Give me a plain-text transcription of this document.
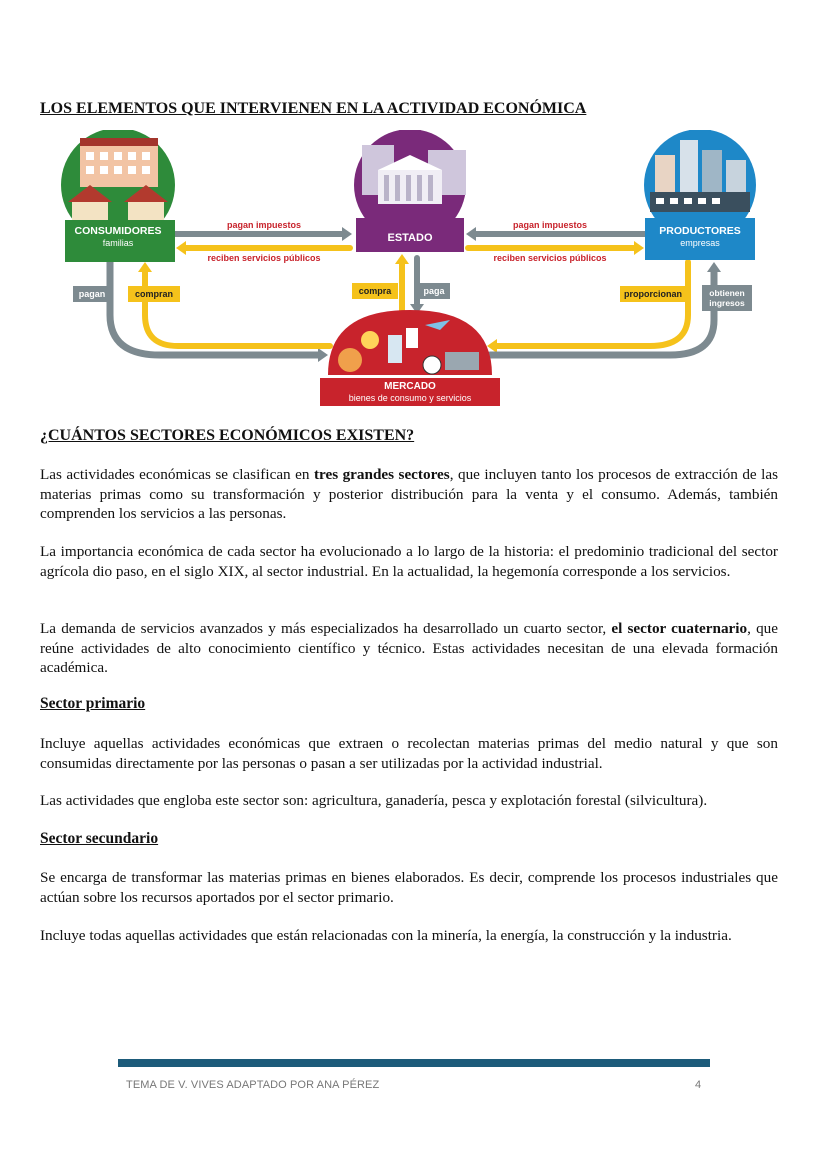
LOS ELEMENTOS QUE INTERVIENEN EN LA ACTIVIDAD ECONÓMICA
CONSUMIDORES
familias	ESTADO
PRODUCTORES
empresas
MERCADO
bienes de consumo y servicios
pagan impuestos
reciben servicios públicos
pagan impuestos
reciben servicios públicos
pagan	compran	compra	paga	proporcionan	obtienen
ingresos
¿CUÁNTOS SECTORES ECONÓMICOS EXISTEN?

Las actividades económicas se clasifican en tres grandes sectores, que incluyen tanto los procesos de extracción de las materias primas como su transformación y posterior distribución para la venta y el consumo. Además, también comprenden los servicios a las personas.

La importancia económica de cada sector ha evolucionado a lo largo de la historia: el predominio tradicional del sector agrícola dio paso, en el siglo XIX, al sector industrial. En la actualidad, la hegemonía corresponde a los servicios.

La demanda de servicios avanzados y más especializados ha desarrollado un cuarto sector, el sector cuaternario, que reúne actividades de alto conocimiento científico y técnico. Estas actividades necesitan de una elevada formación académica.

Sector primario

Incluye aquellas actividades económicas que extraen o recolectan materias primas del medio natural y que son consumidas directamente por las personas o pasan a ser utilizadas por la actividad industrial.

Las actividades que engloba este sector son: agricultura, ganadería, pesca y explotación forestal (silvicultura).

Sector secundario

Se encarga de transformar las materias primas en bienes elaborados. Es decir, comprende los procesos industriales que actúan sobre los recursos aportados por el sector primario.

Incluye todas aquellas actividades que están relacionadas con la minería, la energía, la construcción y la industria.

TEMA DE V. VIVES ADAPTADO POR ANA PÉREZ	4
